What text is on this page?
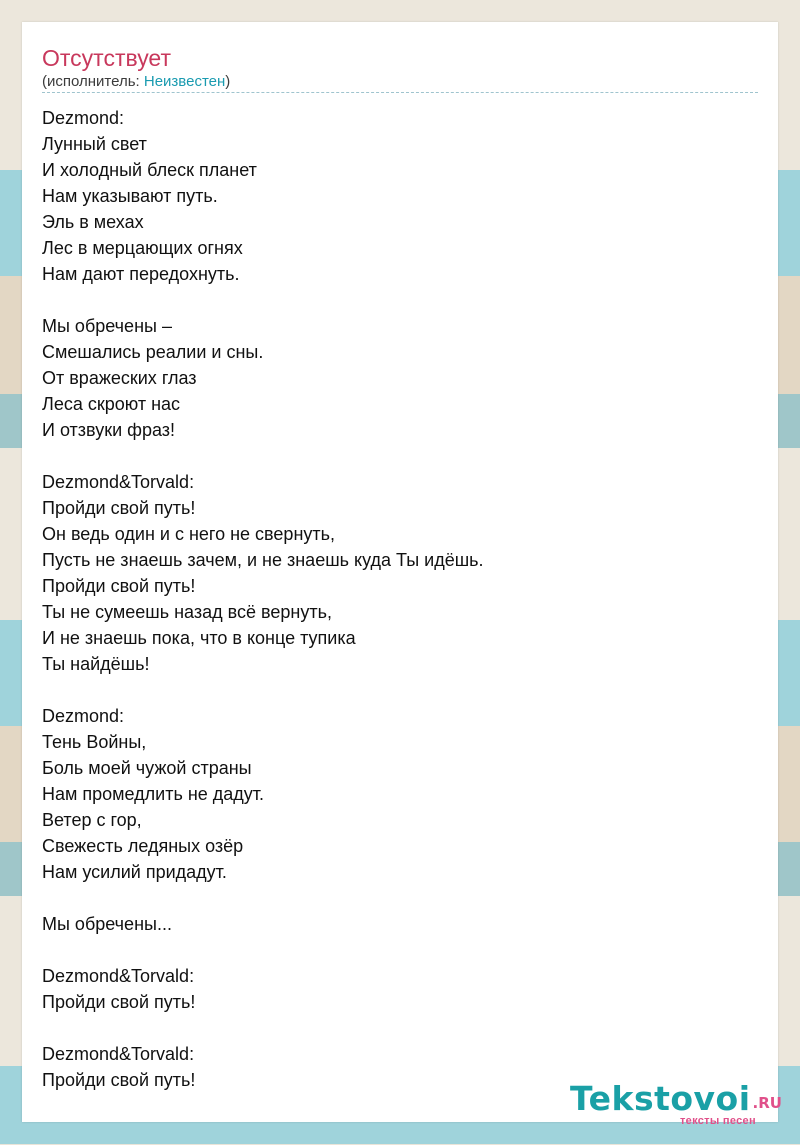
Отсутствует
(исполнитель: Неизвестен)
Dezmond:
Лунный свет
И холодный блеск планет
Нам указывают путь.
Эль в мехах
Лес в мерцающих огнях
Нам дают передохнуть.
Мы обречены –
Смешались реалии и сны.
От вражеских глаз
Леса скроют нас
И отзвуки фраз!
Dezmond&Torvald:
Пройди свой путь!
Он ведь один и с него не свернуть,
Пусть не знаешь зачем, и не знаешь куда Ты идёшь.
Пройди свой путь!
Ты не сумеешь назад всё вернуть,
И не знаешь пока, что в конце тупика
Ты найдёшь!
Dezmond:
Тень Войны,
Боль моей чужой страны
Нам промедлить не дадут.
Ветер с гор,
Свежесть ледяных озёр
Нам усилий придадут.
Мы обречены...
Dezmond&Torvald:
Пройди свой путь!
Dezmond&Torvald:
Пройди свой путь!	Tekstovoi .RU
тексты песен
